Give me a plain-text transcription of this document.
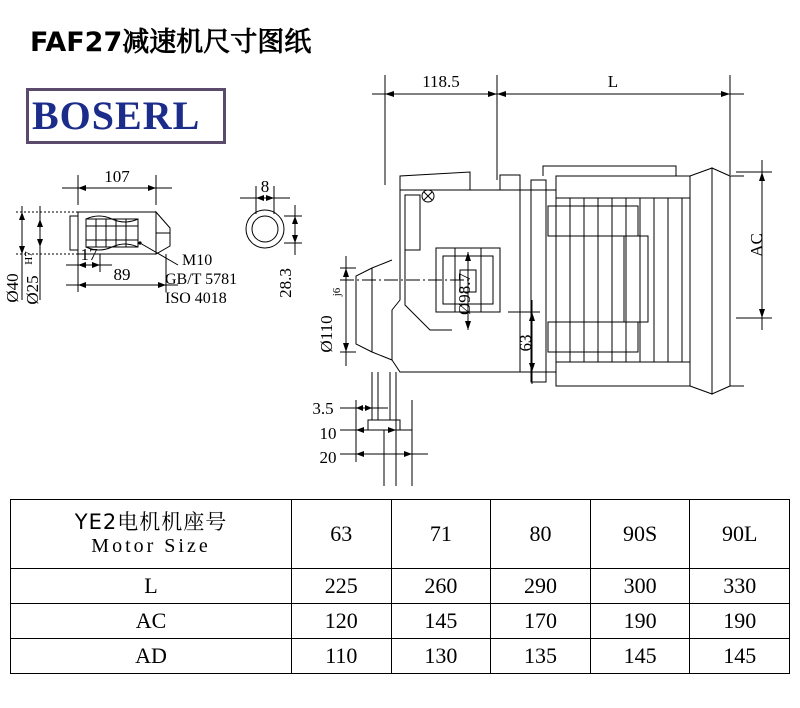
FAF27减速机尺寸图纸
BOSERL
118.5	L
AC
107
8
17
89
Ø40 Ø25
H7
28.3
M10
GB/T 5781
ISO 4018	Ø98.7
Ø110
j6
63
3.5
10
20
YE2电机机座号
Motor Size	63	71	80	90S	90L
L	225	260	290	300	330
AC	120	145	170	190	190
AD	110	130	135	145	145
